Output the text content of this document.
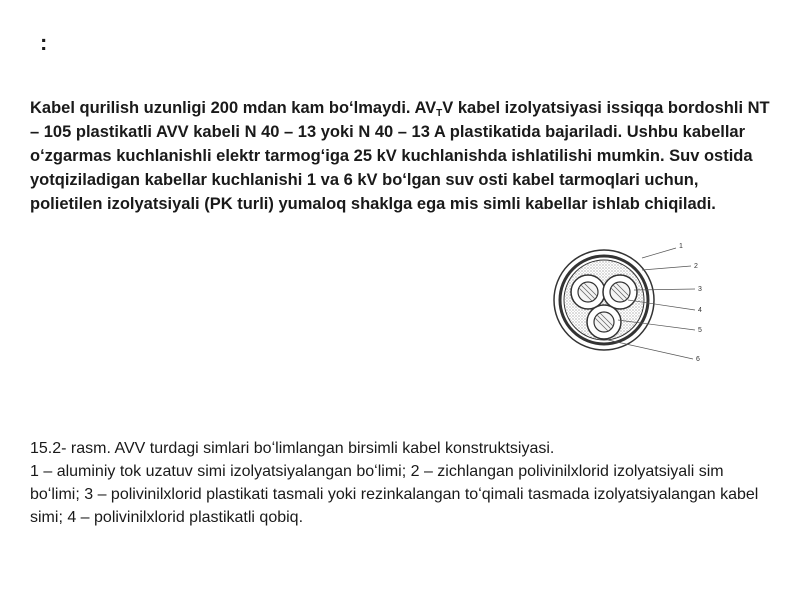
:
Kabel qurilish uzunligi 200 mdan kam boʻlmaydi. $AV_TV$ kabel izolyatsiyasi issiqqa bordoshli NT – 105 plastikatli AVV kabeli N 40 – 13 yoki N 40 – 13 A plastikatida bajariladi. Ushbu kabellar oʻzgarmas kuchlanishli elektr tarmogʻiga 25 kV kuchlanishda ishlatilishi mumkin. Suv ostida yotqiziladigan kabellar kuchlanishi 1 va 6 kV boʻlgan suv osti kabel tarmoqlari uchun, polietilen izolyatsiyali (PK turli) yumaloq shaklga ega mis simli kabellar ishlab chiqiladi.
1
2
3
4
5
6
15.2- rasm. AVV turdagi simlari boʻlimlangan birsimli kabel konstruktsiyasi.
1 – aluminiy tok uzatuv simi izolyatsiyalangan boʻlimi; 2 – zichlangan polivinilxlorid izolyatsiyali sim boʻlimi; 3 – polivinilxlorid plastikati tasmali yoki rezinkalangan toʻqimali tasmada izolyatsiyalangan kabel simi; 4 – polivinilxlorid plastikatli qobiq.
